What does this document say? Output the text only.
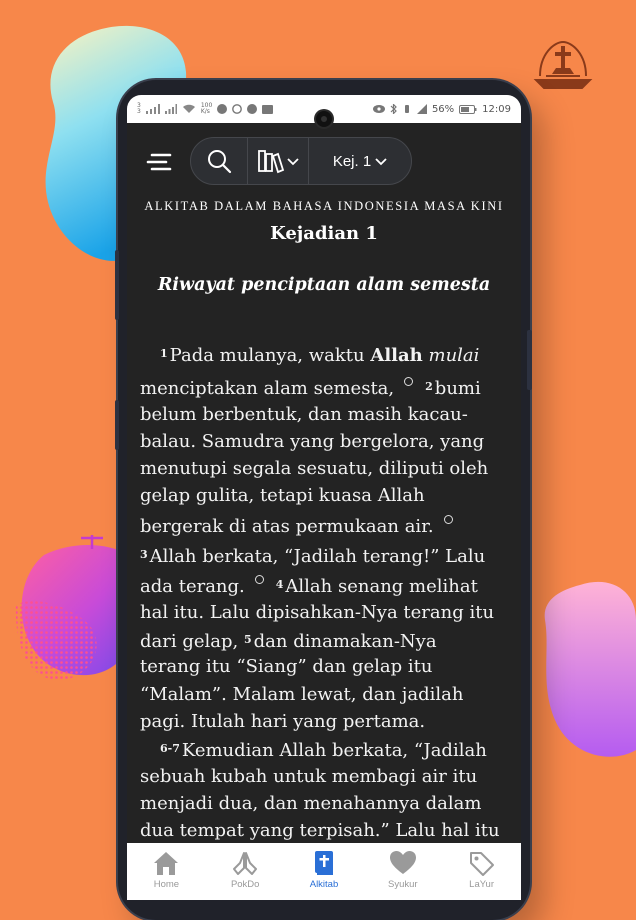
3
3
100
K/s	56%	12:09
Kej. 1
ALKITAB DALAM BAHASA INDONESIA MASA KINI
Kejadian 1
Riwayat penciptaan alam semesta
$^1$ Pada mulanya, waktu Allah mulai
menciptakan alam semesta,	$^2$ bumi
belum berbentuk, dan masih kacau-
balau. Samudra yang bergelora, yang
menutupi segala sesuatu, diliputi oleh
gelap gulita, tetapi kuasa Allah
bergerak di atas permukaan air.
$^3$ Allah berkata, “Jadilah terang!” Lalu
ada terang.	$^4$ Allah senang melihat
hal itu. Lalu dipisahkan-Nya terang itu
dari gelap, $^5$ dan dinamakan-Nya
terang itu “Siang” dan gelap itu
“Malam”. Malam lewat, dan jadilah
pagi. Itulah hari yang pertama.
$^{6-7}$ Kemudian Allah berkata, “Jadilah
sebuah kubah untuk membagi air itu
menjadi dua, dan menahannya dalam
dua tempat yang terpisah.” Lalu hal itu
Home	PokDo	Alkitab	Syukur	LaYur
